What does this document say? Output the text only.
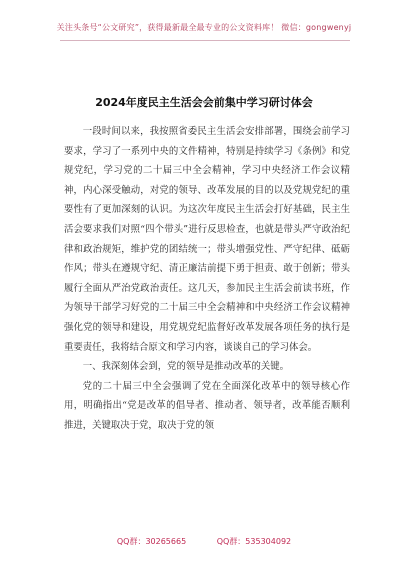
关注头条号“公文研究”，获得最新最全最专业的公文资料库！ 微信：gongwenyj
2024年度民主生活会会前集中学习研讨体会

一段时间以来，我按照省委民主生活会安排部署，围绕会前学习要求，学习了一系列中央的文件精神，特别是持续学习《条例》和党规党纪，学习党的二十届三中全会精神，学习中央经济工作会议精神，内心深受触动，对党的领导、改革发展的目的以及党规党纪的重要性有了更加深刻的认识。为这次年度民主生活会打好基础，民主生活会要求我们对照“四个带头”进行反思检查，也就是带头严守政治纪律和政治规矩，维护党的团结统一；带头增强党性、严守纪律、砥砺作风；带头在遵规守纪、清正廉洁前提下勇于担责、敢于创新；带头履行全面从严治党政治责任。这几天，参加民主生活会前读书班，作为领导干部学习好党的二十届三中全会精神和中央经济工作会议精神强化党的领导和建设，用党规党纪监督好改革发展各项任务的执行是重要责任，我将结合原文和学习内容，谈谈自己的学习体会。

一、我深刻体会到，党的领导是推动改革的关键。

党的二十届三中全会强调了党在全面深化改革中的领导核心作用，明确指出“党是改革的倡导者、推动者、领导者，改革能否顺利推进，关键取决于党，取决于党的领

QQ群：30265665	QQ群：535304092
